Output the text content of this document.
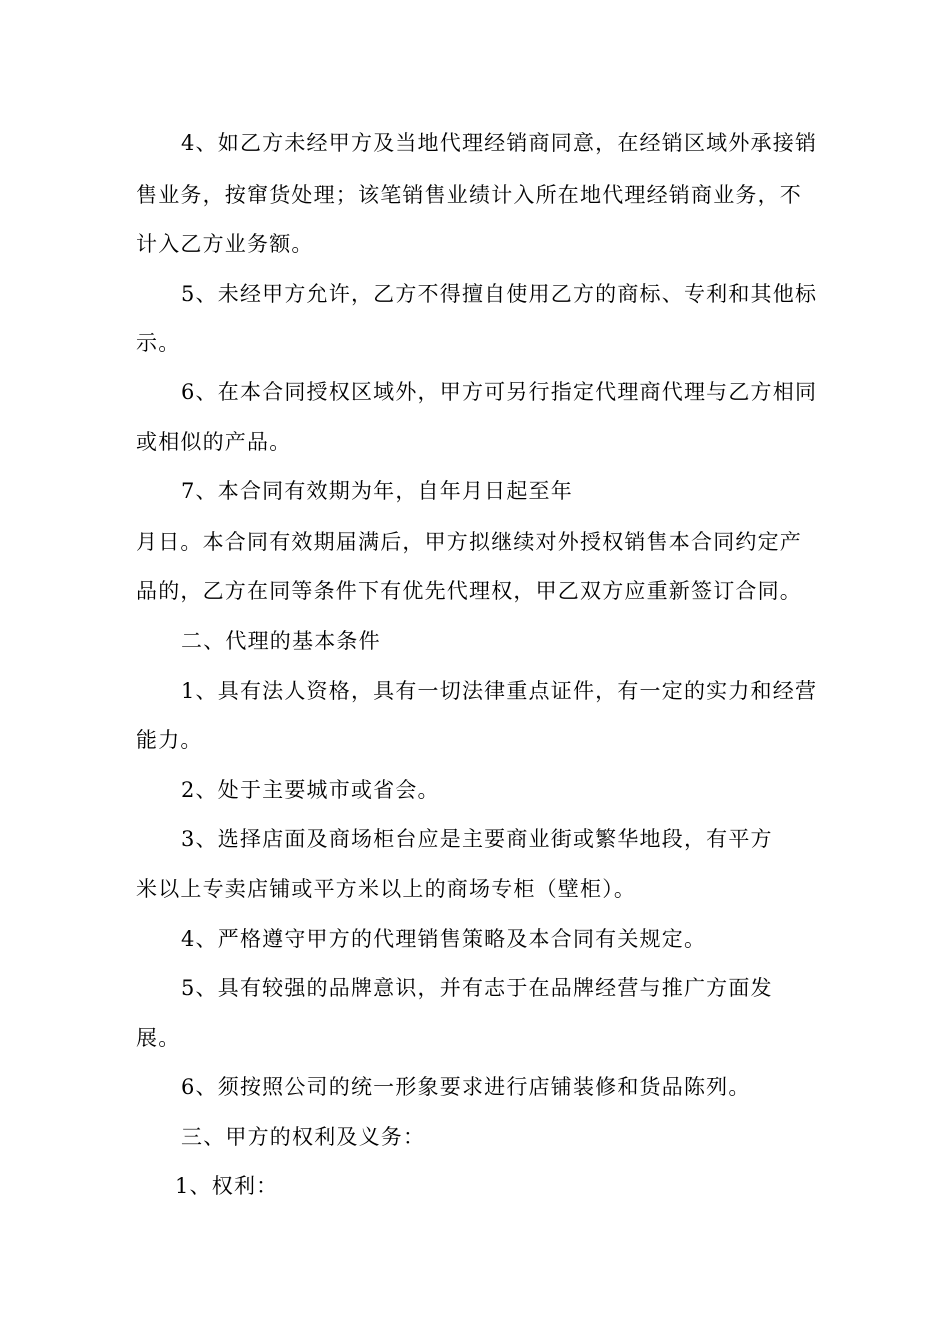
4、如乙方未经甲方及当地代理经销商同意，在经销区域外承接销
售业务，按窜货处理；该笔销售业绩计入所在地代理经销商业务，不
计入乙方业务额。
5、未经甲方允许，乙方不得擅自使用乙方的商标、专利和其他标
示。
6、在本合同授权区域外，甲方可另行指定代理商代理与乙方相同
或相似的产品。
7、本合同有效期为年，自年月日起至年
月日。本合同有效期届满后，甲方拟继续对外授权销售本合同约定产
品的，乙方在同等条件下有优先代理权，甲乙双方应重新签订合同。
二、代理的基本条件
1、具有法人资格，具有一切法律重点证件，有一定的实力和经营
能力。
2、处于主要城市或省会。
3、选择店面及商场柜台应是主要商业街或繁华地段，有平方
米以上专卖店铺或平方米以上的商场专柜（壁柜）。
4、严格遵守甲方的代理销售策略及本合同有关规定。
5、具有较强的品牌意识，并有志于在品牌经营与推广方面发
展。
6、须按照公司的统一形象要求进行店铺装修和货品陈列。
三、甲方的权利及义务：
1、权利：
